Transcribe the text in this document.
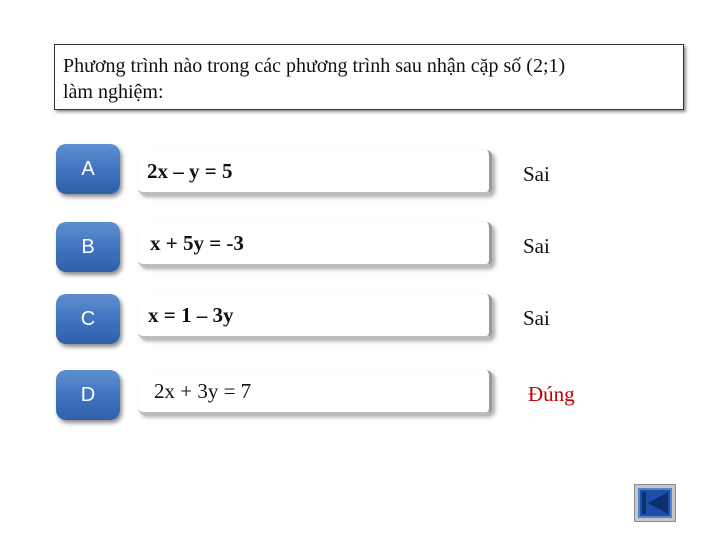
Phương trình nào trong các phương trình sau nhận cặp số (2;1)
làm nghiệm:
A	2x – y = 5	Sai
B	x + 5y = -3	Sai
C	x = 1 – 3y	Sai
D	2x + 3y = 7	Đúng
